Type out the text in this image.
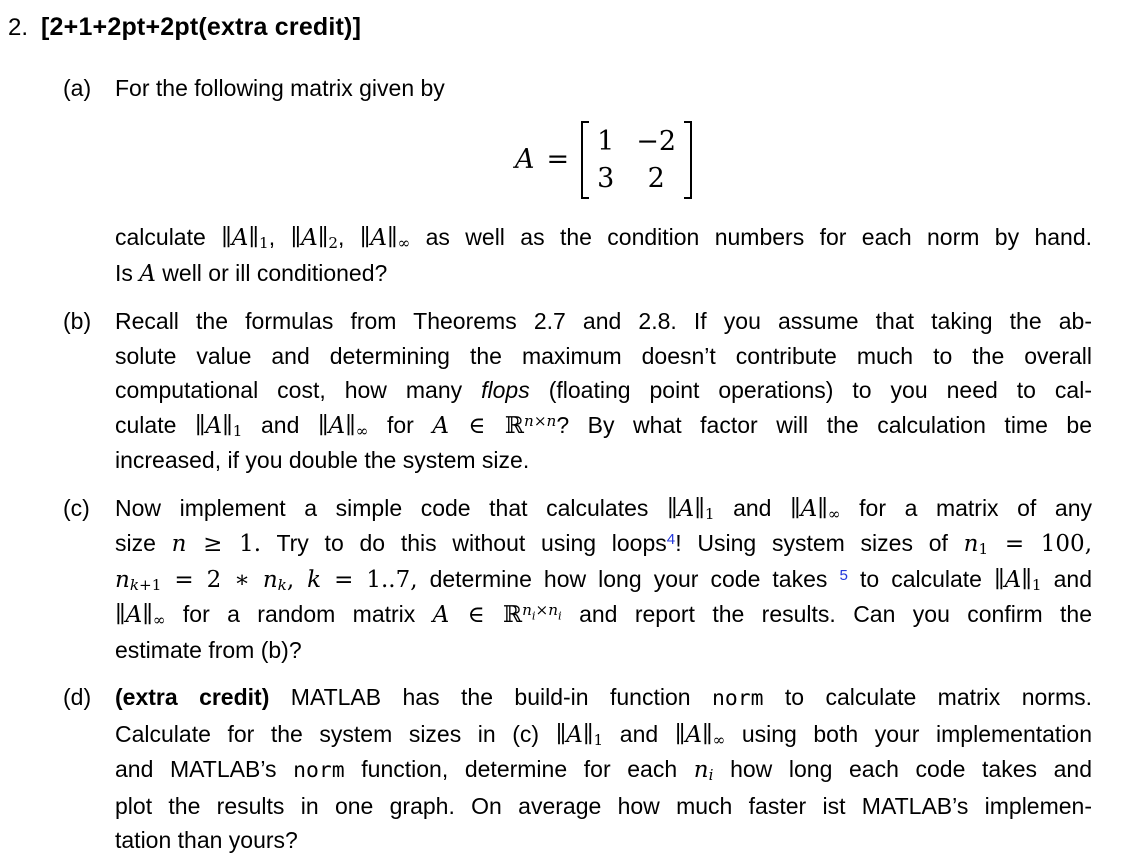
2. [2+1+2pt+2pt(extra credit)]
(a)	For the following matrix given by
A =
1 −2
3	2
calculate $\parallel A\parallel_1$, $\parallel A\parallel_2$, $\parallel A\parallel_\infty$ as well as the condition numbers for each norm by hand.
Is A well or ill conditioned?
(b)	Recall the formulas from Theorems 2.7 and 2.8. If you assume that taking the ab-
solute value and determining the maximum doesn’t contribute much to the overall
computational cost, how many flops (floating point operations) to you need to cal-
culate $\parallel A\parallel_1$ and $\parallel A\parallel_\infty$ for A ∈ ℝ$^{n\times n}$? By what factor will the calculation time be
increased, if you double the system size.
(c)	Now implement a simple code that calculates $\parallel A\parallel_1$ and $\parallel A\parallel_\infty$ for a matrix of any
size n ≥ 1. Try to do this without using loops$^4$! Using system sizes of $n_1 = 100$,
$n_{k+1} = 2$ ∗ $n_k$, k = 1..7, determine how long your code takes $^5$ to calculate $\parallel A\parallel_1$ and
$\parallel A\parallel_\infty$ for a random matrix A ∈ $ℝ^ni^{\times n}i$ and report the results. Can you confirm the
estimate from (b)?
(d)	(extra credit) MATLAB has the build-in function norm to calculate matrix norms.
Calculate for the system sizes in (c) $\parallel A\parallel_1$ and $\parallel A\parallel_\infty$ using both your implementation
and MATLAB’s norm function, determine for each $n_i$ how long each code takes and
plot the results in one graph. On average how much faster ist MATLAB’s implemen-
tation than yours?
